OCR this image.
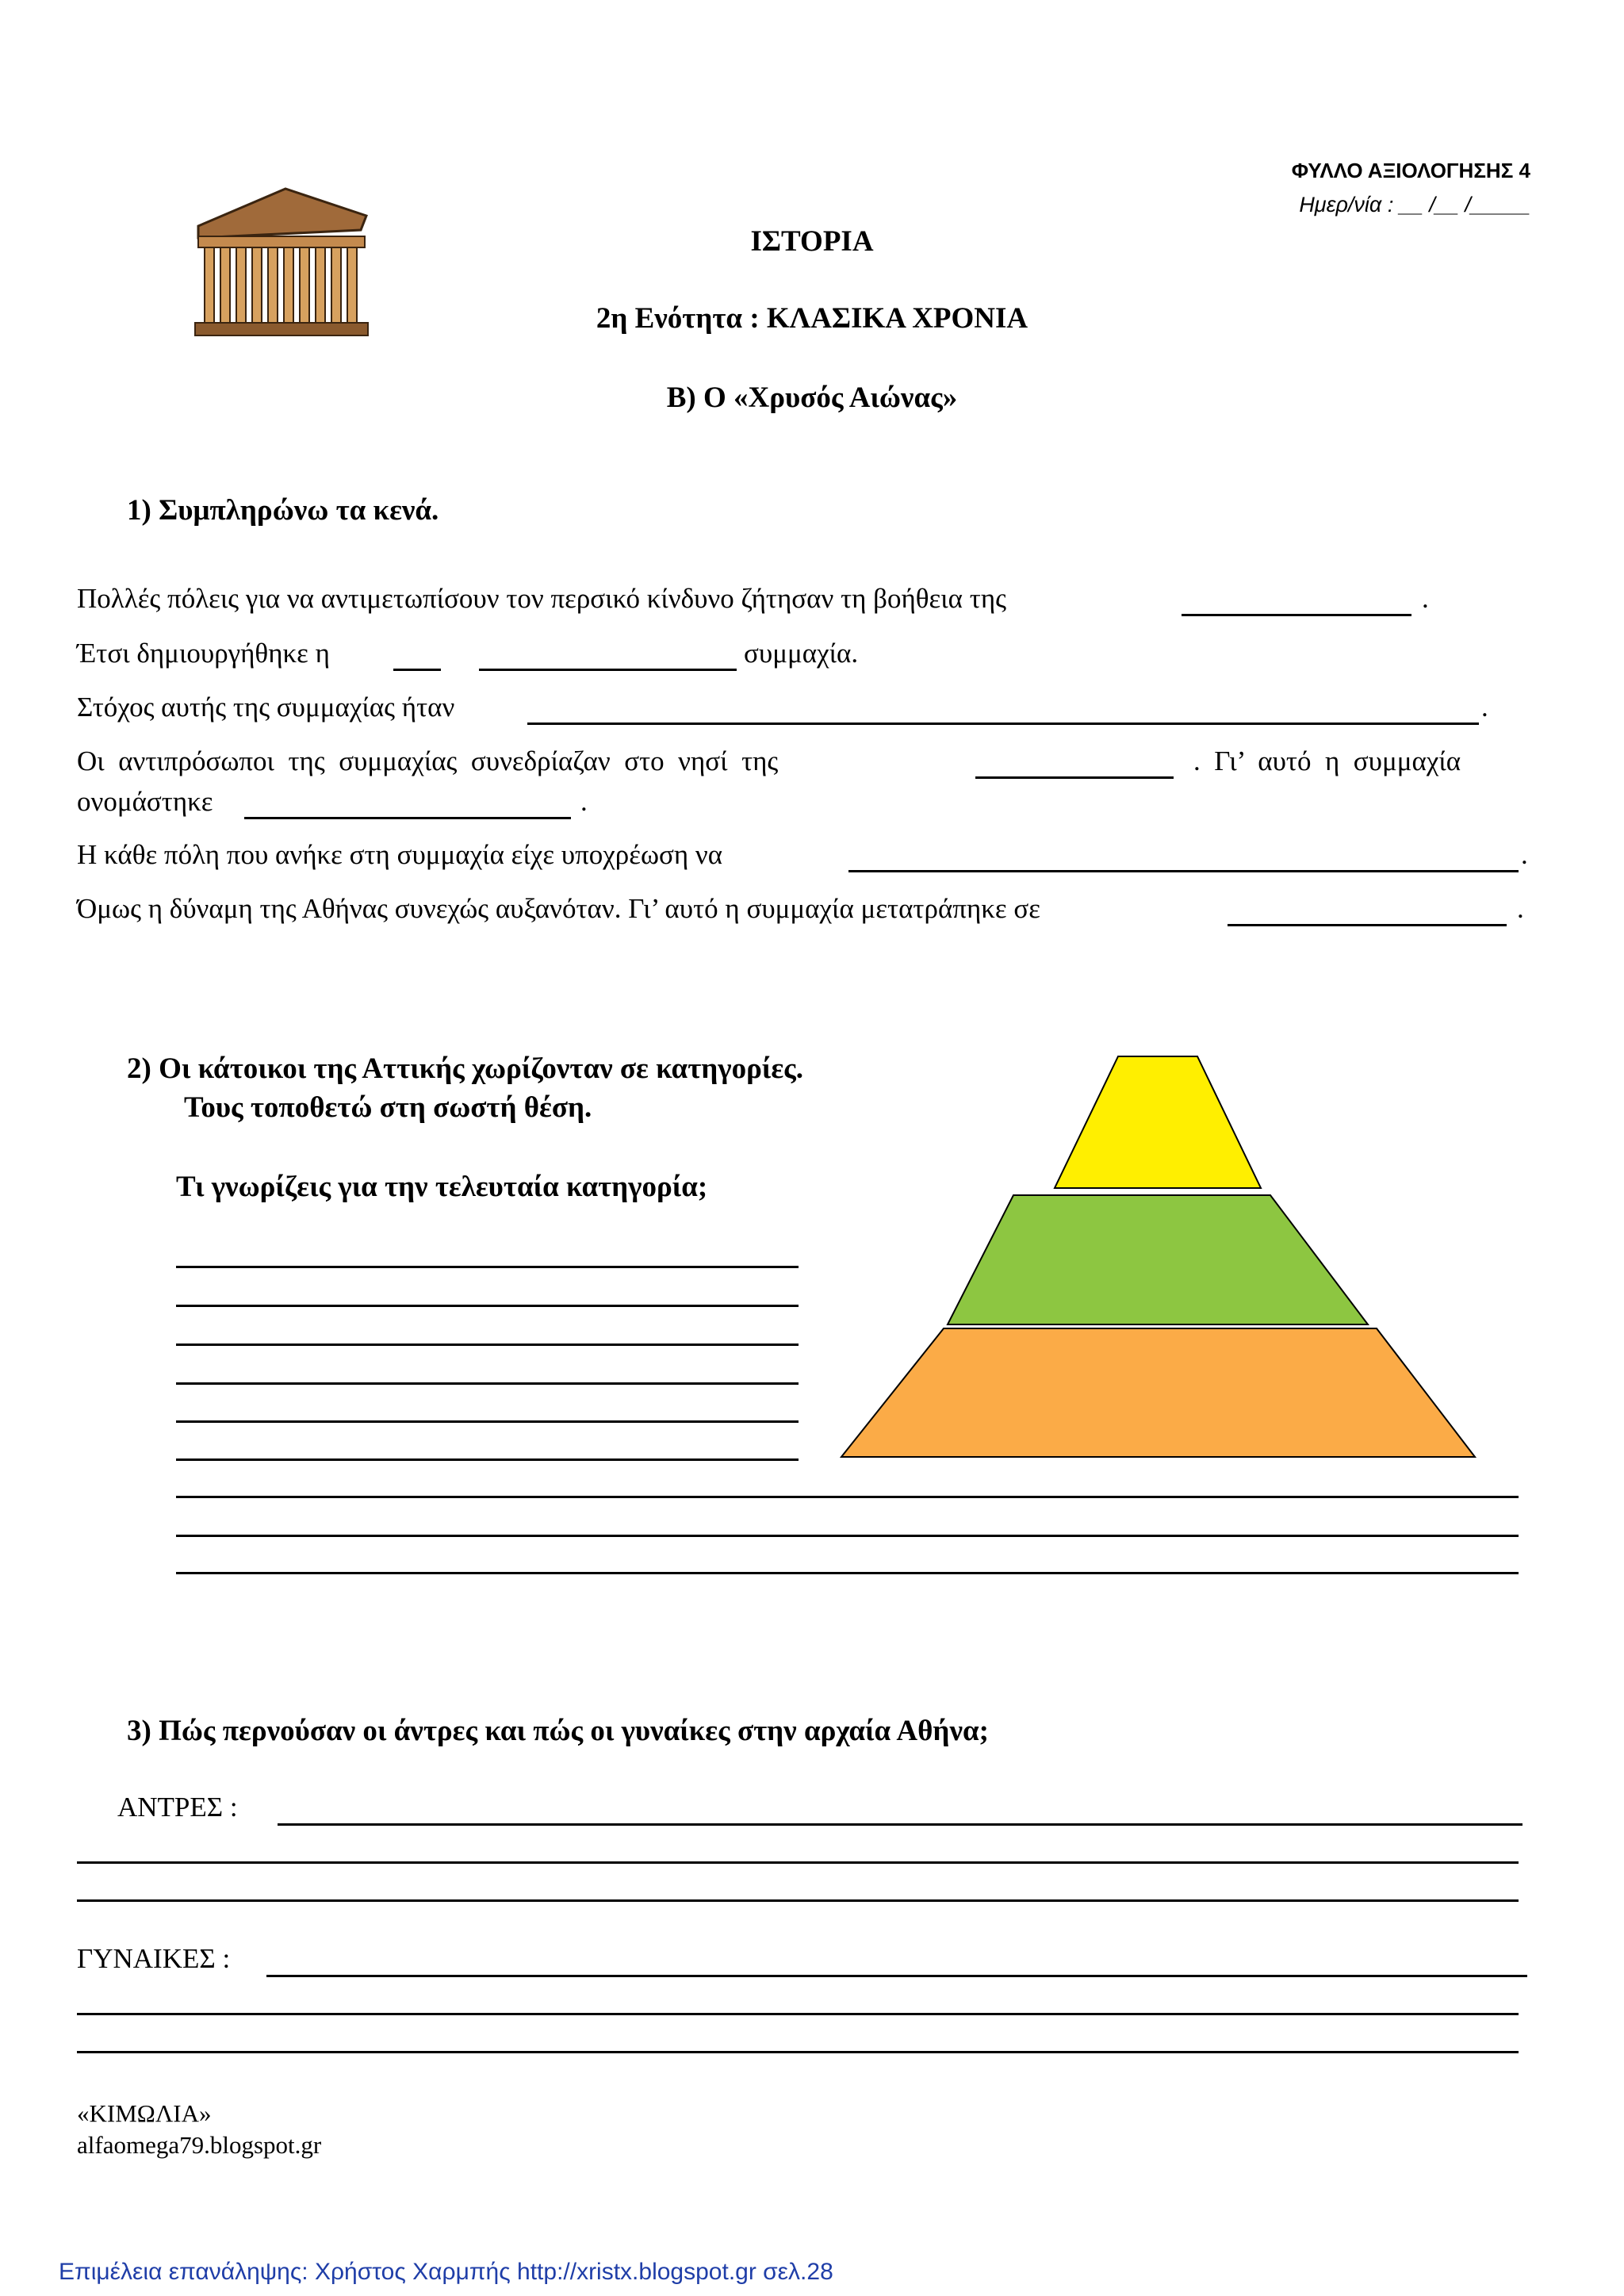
ΦΥΛΛΟ ΑΞΙΟΛΟΓΗΣΗΣ 4
Ημερ/νία : __ /__ /_____
ΙΣΤΟΡΙΑ
2η Ενότητα : ΚΛΑΣΙΚΑ ΧΡΟΝΙΑ
Β) Ο «Χρυσός Αιώνας»
1) Συμπληρώνω τα κενά.
Πολλές πόλεις για να αντιμετωπίσουν τον περσικό κίνδυνο ζήτησαν τη βοήθεια της	.
Έτσι δημιουργήθηκε η	συμμαχία.
Στόχος αυτής της συμμαχίας ήταν	.
Οι  αντιπρόσωποι  της  συμμαχίας  συνεδρίαζαν  στο  νησί  της	.  Γι’  αυτό  η  συμμαχία
ονομάστηκε	.
Η κάθε πόλη που ανήκε στη συμμαχία είχε υποχρέωση να	.
Όμως η δύναμη της Αθήνας συνεχώς αυξανόταν. Γι’ αυτό η συμμαχία μετατράπηκε σε	.
2) Οι κάτοικοι της Αττικής χωρίζονταν σε κατηγορίες.
Τους τοποθετώ στη σωστή θέση.
Τι γνωρίζεις για την τελευταία κατηγορία;
3) Πώς περνούσαν οι άντρες και πώς οι γυναίκες στην αρχαία Αθήνα;
ΑΝΤΡΕΣ :
ΓΥΝΑΙΚΕΣ :
«ΚΙΜΩΛΙΑ»
alfaomega79.blogspot.gr
Επιμέλεια επανάληψης: Χρήστος Χαρμπής http://xristx.blogspot.gr σελ.28
